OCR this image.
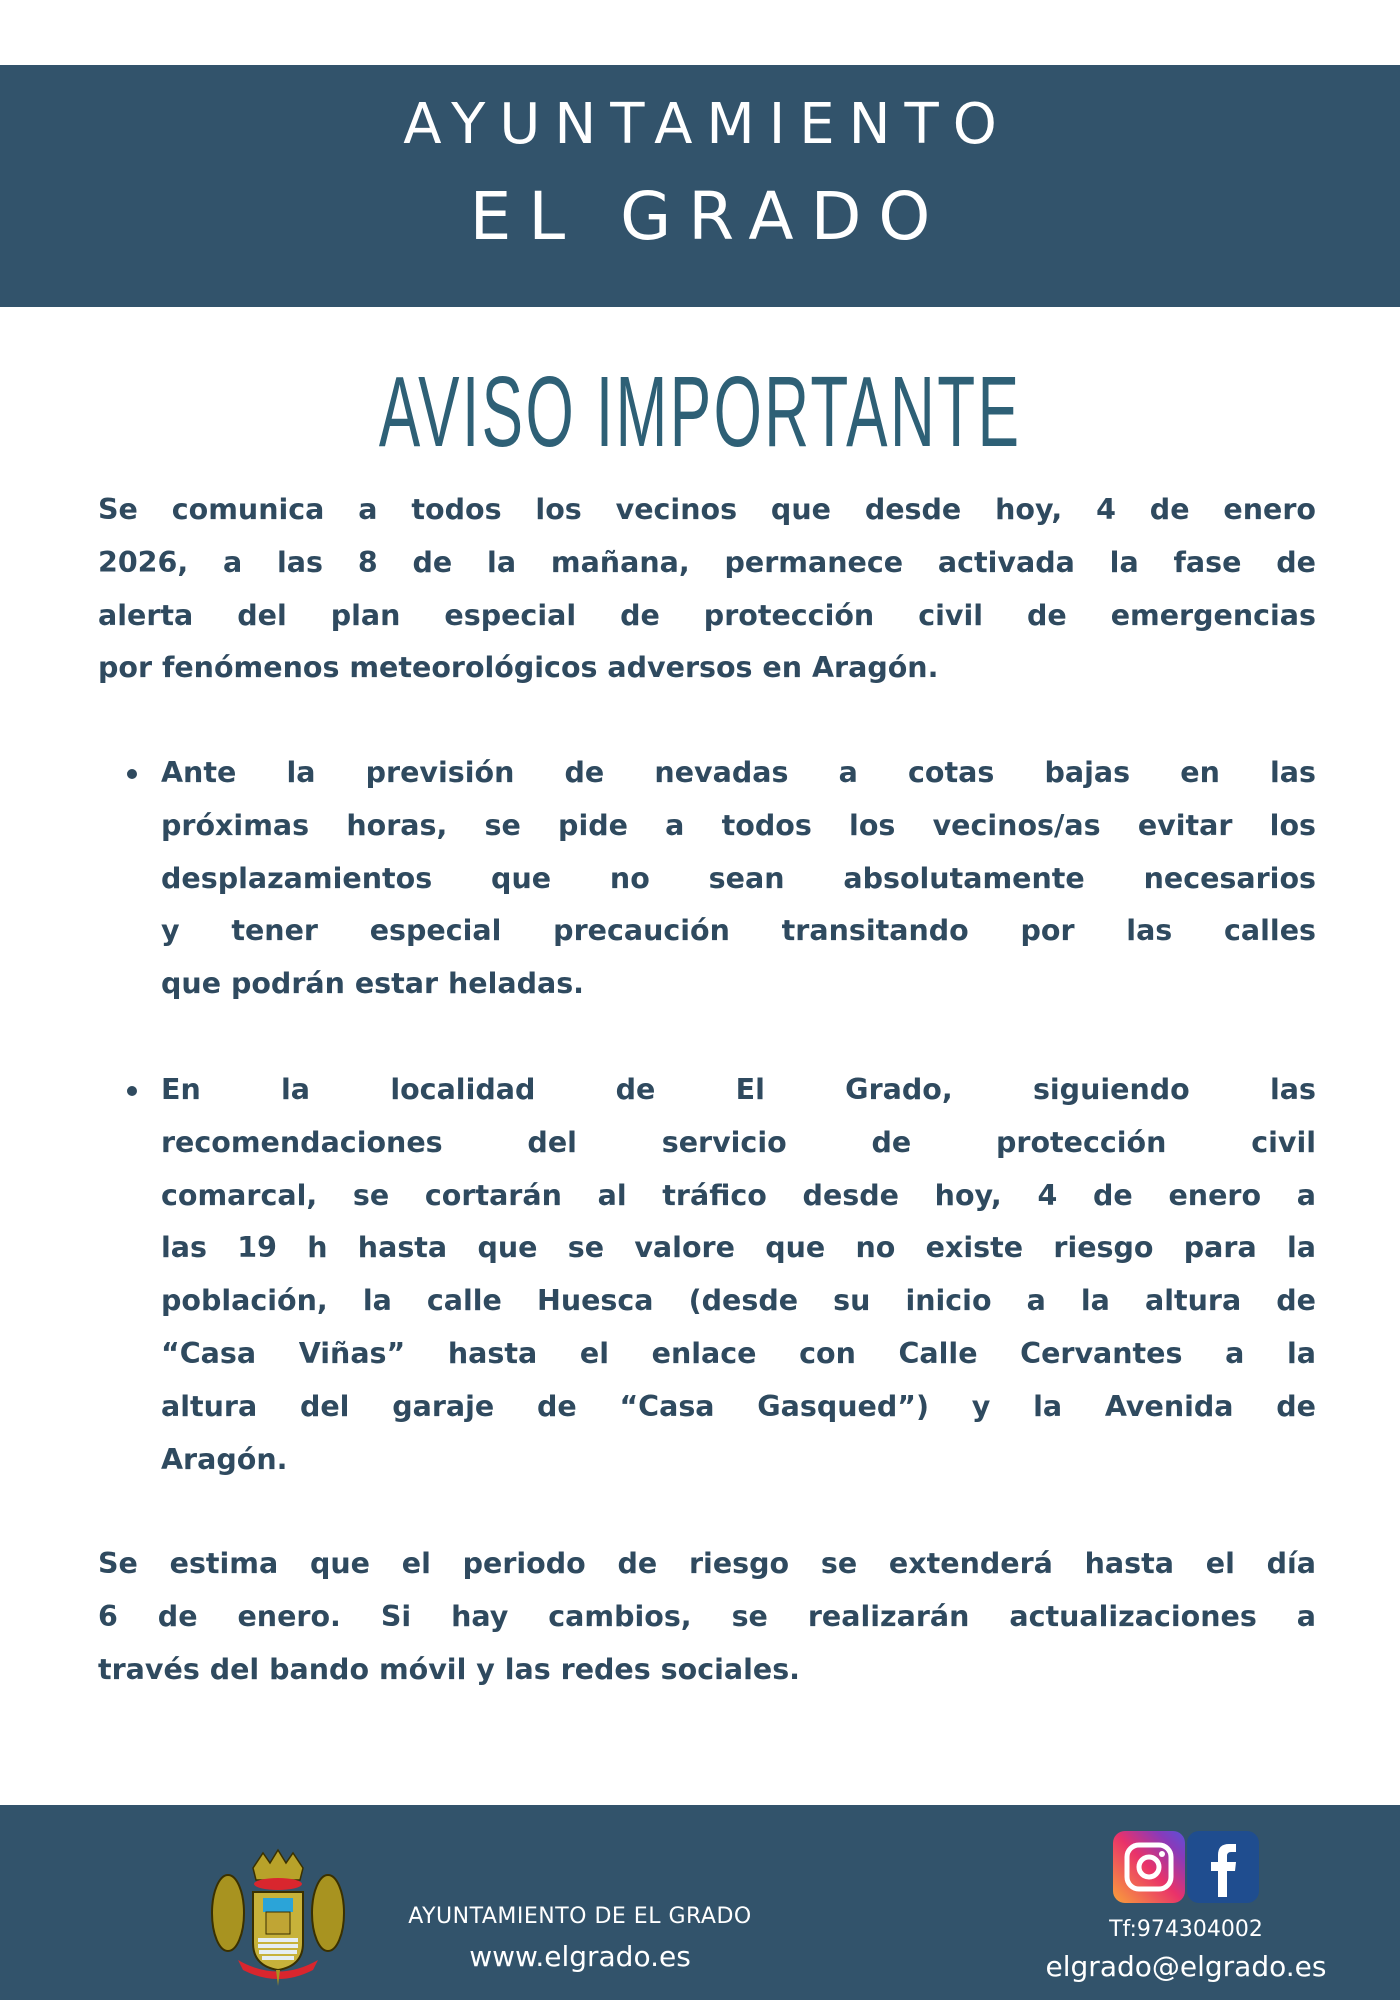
AYUNTAMIENTO
EL GRADO
AVISO IMPORTANTE
Se comunica a todos los vecinos que desde hoy, 4 de enero
2026, a las 8 de la mañana, permanece activada la fase de
alerta del plan especial de protección civil de emergencias
por fenómenos meteorológicos adversos en Aragón.
Ante la previsión de nevadas a cotas bajas en las
próximas horas, se pide a todos los vecinos/as evitar los
desplazamientos que no sean absolutamente necesarios
y tener especial precaución transitando por las calles
que podrán estar heladas.
En la localidad de El Grado, siguiendo las
recomendaciones del servicio de protección civil
comarcal, se cortarán al tráfico desde hoy, 4 de enero a
las 19 h hasta que se valore que no existe riesgo para la
población, la calle Huesca (desde su inicio a la altura de
“Casa Viñas” hasta el enlace con Calle Cervantes a la
altura del garaje de “Casa Gasqued”) y la Avenida de
Aragón.
Se estima que el periodo de riesgo se extenderá hasta el día
6 de enero. Si hay cambios, se realizarán actualizaciones a
través del bando móvil y las redes sociales.
AYUNTAMIENTO DE EL GRADO
www.elgrado.es
Tf:974304002
elgrado@elgrado.es
